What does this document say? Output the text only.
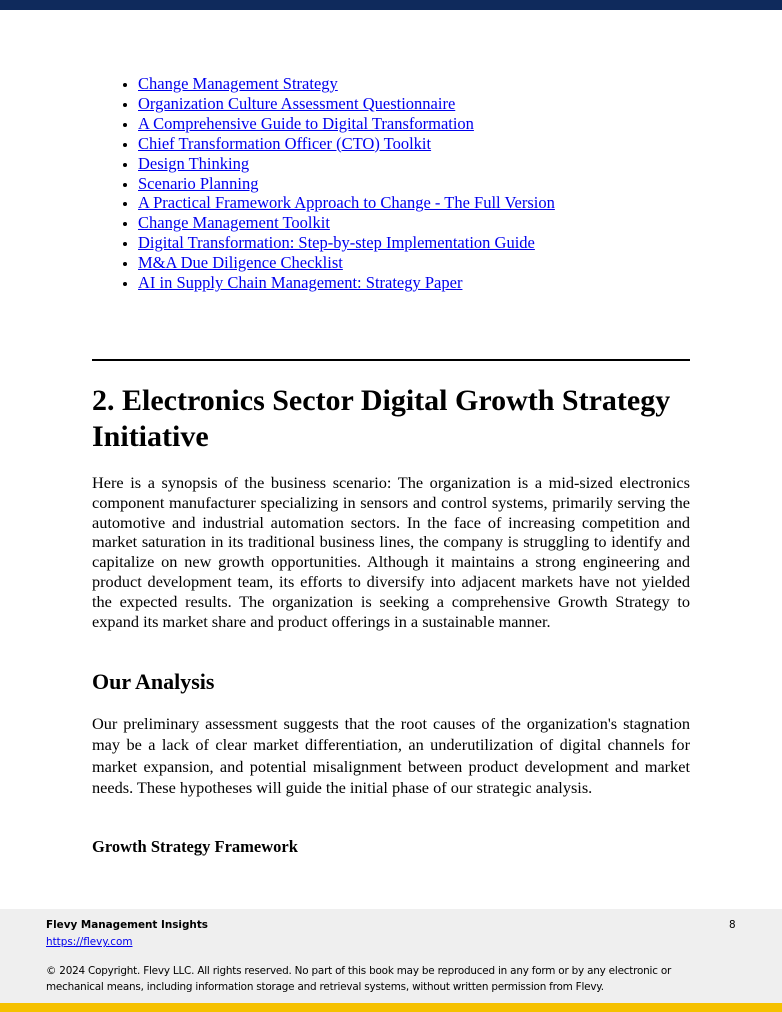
• Change Management Strategy
• Organization Culture Assessment Questionnaire
• A Comprehensive Guide to Digital Transformation
• Chief Transformation Officer (CTO) Toolkit
• Design Thinking
• Scenario Planning
• A Practical Framework Approach to Change - The Full Version
• Change Management Toolkit
• Digital Transformation: Step-by-step Implementation Guide
• M&A Due Diligence Checklist
• AI in Supply Chain Management: Strategy Paper
2. Electronics Sector Digital Growth Strategy Initiative

Here is a synopsis of the business scenario: The organization is a mid-sized electronics component manufacturer specializing in sensors and control systems, primarily serving the automotive and industrial automation sectors. In the face of increasing competition and market saturation in its traditional business lines, the company is struggling to identify and capitalize on new growth opportunities. Although it maintains a strong engineering and product development team, its efforts to diversify into adjacent markets have not yielded the expected results. The organization is seeking a comprehensive Growth Strategy to expand its market share and product offerings in a sustainable manner.

Our Analysis

Our preliminary assessment suggests that the root causes of the organization's stagnation may be a lack of clear market differentiation, an underutilization of digital channels for market expansion, and potential misalignment between product development and market needs. These hypotheses will guide the initial phase of our strategic analysis.

Growth Strategy Framework
Flevy Management Insights
https://flevy.com
8
© 2024 Copyright. Flevy LLC. All rights reserved. No part of this book may be reproduced in any form or by any electronic or mechanical means, including information storage and retrieval systems, without written permission from Flevy.
